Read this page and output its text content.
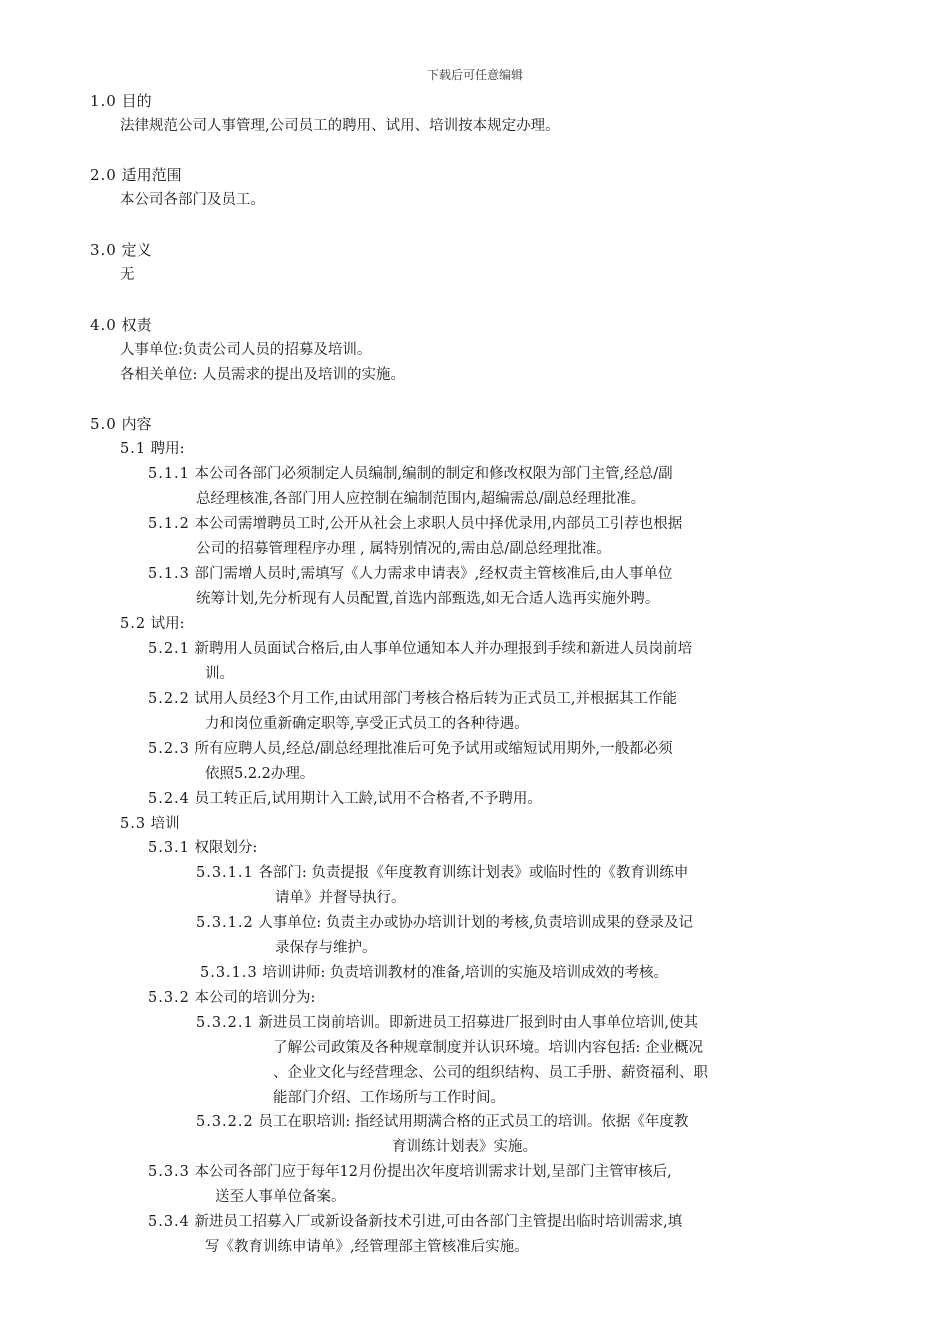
下载后可任意编辑
1.0 目的
法律规范公司人事管理,公司员工的聘用、试用、培训按本规定办理。
2.0 适用范围
本公司各部门及员工。
3.0 定义
无
4.0 权责
人事单位:负责公司人员的招募及培训。
各相关单位: 人员需求的提出及培训的实施。
5.0 内容
5.1 聘用:
5.1.1 本公司各部门必须制定人员编制,编制的制定和修改权限为部门主管,经总/副
总经理核准,各部门用人应控制在编制范围内,超编需总/副总经理批准。
5.1.2 本公司需增聘员工时,公开从社会上求职人员中择优录用,内部员工引荐也根据
公司的招募管理程序办理 , 属特别情况的,需由总/副总经理批准。
5.1.3 部门需增人员时,需填写《人力需求申请表》,经权责主管核准后,由人事单位
统筹计划,先分析现有人员配置,首选内部甄选,如无合适人选再实施外聘。
5.2 试用:
5.2.1 新聘用人员面试合格后,由人事单位通知本人并办理报到手续和新进人员岗前培
训。
5.2.2 试用人员经3个月工作,由试用部门考核合格后转为正式员工,并根据其工作能
力和岗位重新确定职等,享受正式员工的各种待遇。
5.2.3 所有应聘人员,经总/副总经理批准后可免予试用或缩短试用期外,一般都必须
依照5.2.2办理。
5.2.4 员工转正后,试用期计入工龄,试用不合格者,不予聘用。
5.3 培训
5.3.1 权限划分:
5.3.1.1 各部门: 负责提报《年度教育训练计划表》或临时性的《教育训练申
请单》并督导执行。
5.3.1.2 人事单位: 负责主办或协办培训计划的考核,负责培训成果的登录及记
录保存与维护。
5.3.1.3 培训讲师: 负责培训教材的准备,培训的实施及培训成效的考核。
5.3.2 本公司的培训分为:
5.3.2.1 新进员工岗前培训。即新进员工招募进厂报到时由人事单位培训,使其
了解公司政策及各种规章制度并认识环境。培训内容包括: 企业概况
、企业文化与经营理念、公司的组织结构、员工手册、薪资福利、职
能部门介绍、工作场所与工作时间。
5.3.2.2 员工在职培训: 指经试用期满合格的正式员工的培训。依据《年度教
育训练计划表》实施。
5.3.3 本公司各部门应于每年12月份提出次年度培训需求计划,呈部门主管审核后,
送至人事单位备案。
5.3.4 新进员工招募入厂或新设备新技术引进,可由各部门主管提出临时培训需求,填
写《教育训练申请单》,经管理部主管核准后实施。
